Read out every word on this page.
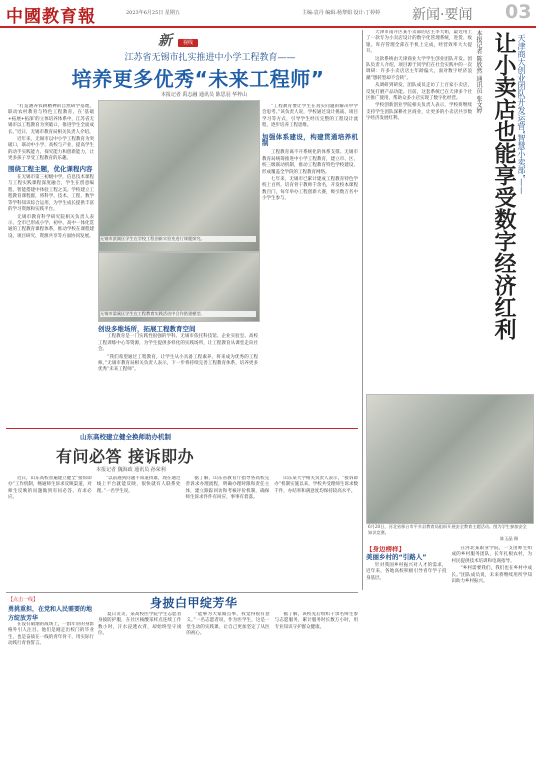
中國教育報	2023年6月25日 星期五	主编:袁丹 编辑:杨黎娟 设计:丁婷婷 新闻·要闻 03
新	视线
江苏省无锡市扎实推进中小学工程教育——
培养更多优秀“未来工程师”
本报记者 禹志融 通讯员 陈思羽 华梓山

“打造涵养农耕精神的自然研学基地，联动农村教育与特色工程教育，在‘基础+拓展+拓深’的立体培养体系中，江苏省无锡市以工程教育为突破口，推进学生全面成长。”近日，无锡市教育局相关负责人介绍。

近年来，无锡市以中小学工程教育为突破口，联动中小学、高校与产业，提高学生的动手实践能力、探究能力和创新能力，让更多孩子享受工程教育的乐趣。

围绕工程主题，优化课程内容

在无锡市第三初级中学，信息技术课程与工程实践课程深度融合，学生在创意编程、智能搭建中体验工程之美。学校建立工程教育课程群，将科学、技术、工程、数学等学科知识综合运用，为学生成长提供丰富的学习资源和实践平台。

无锡市教育科学研究院相关负责人表示，全市已形成小学、初中、高中一体化贯通的工程教育课程体系，推动学校在课程建设、项目研究、资源共享等方面协同发展。 无锡市滨湖区学生在学校工程创新实验室进行课题探究。
无锡市梁溪区学生在工程教育实践活动中合作搭建模型。

“工程教育要让学生在真实问题的解决中学会思考。”该负责人说，学校通过设计挑战、项目学习等方式，引导学生经历完整的工程设计流程，逐步培养工程思维。

加强体系建设，构建贯通培养机制

工程教育离不开系统化的体系支撑。无锡市教育局统筹推进中小学工程教育，建立市、区、校三级联动机制，推动工程教育特色学校建设，形成覆盖全学段的工程教育网络。

七年来，无锡市已累计建成工程教育特色学校上百所，培育骨干教师千余名，开发校本课程数百门，每年举办工程创新大赛，吸引数万名中小学生参与。

创设多维场所，拓展工程教育空间

工程教育是一门实践性很强的学科。无锡市依托科技馆、企业实验室、高校工程训练中心等资源，为学生提供多样化的实践场所，让工程教育从课堂走向社会。

“我们希望通过工程教育，让学生从小具备工程素养，将来成为优秀的工程师。”无锡市教育局相关负责人表示，下一步将持续完善工程教育体系，培养更多优秀“未来工程师”。

天津市南开区某小卖部的店主李大姐，最近用上了一款专为小卖店设计的数字化管理系统，进货、收银、库存管理全部在手机上完成，经营效率大大提升。

这款系统由天津商业大学学生创业团队开发。团队负责人介绍，项目源于同学们在社会实践中的一次调研：许多小卖店店主年龄偏大，面对数字经济浪潮“想转型却不会转”。

从调研到研发，团队成员走访了上百家小卖店，反复打磨产品功能。目前，这套系统已在天津多个社区推广使用，帮助众多小店实现了数字化经营。

学校创新创业学院相关负责人表示，学校将继续支持学生团队深耕社区商业，让更多的小卖店共享数字经济发展红利。

本报记者 陈欣然 通讯员 张文婷 让小卖店也能享受数字经济红利 天津商大创业团队开发运营“智慧小卖部”——
6月20日，河北省邢台市平乡县教育局组织开展安全教育主题活动。图为学生参加安全知识竞赛。
陈玉晶 摄
山东高校建立健全换师助办机制
有问必答 接诉即办
本报记者 魏海政 通讯员 孙荣利

近日，山东高校普遍建立健全“接诉即办”工作机制，畅通师生诉求反映渠道，对师生反映的问题做到有问必答、有求必应。

“以前遇到问题不知道找谁，现在通过线上平台就能反映，很快就有人联系处理。”一名学生说。

据了解，山东省教育厅指导各高校完善诉求办理流程，明确办理时限和责任主体，建立跟踪回访和考核评价机制，确保师生诉求件件有回应、事事有着落。

山东某大学相关负责人表示，“接诉即办”机制实施以来，学校共受理师生诉求数千件，办结率和满意度均保持较高水平。

【身边榜样】
美丽乡村的“引路人”

针对我国乡村振兴对人才的需求，近年来，各地高校积极引导青年学子投身基层。

在河北某职业学院，一支由师生组成的乡村服务团队，长年扎根农村，为村民提供技术培训和电商指导。

“乡村需要我们，我们也在乡村中成长。”团队成员说，未来将继续用所学知识助力乡村振兴。

【点击一线】
勇挑重担，在党和人民需要的地方绽放芳华

在没有硝烟的战场上，一群年轻的身影格外引人注目。他们是刚走出校门的毕业生，也是奋战在一线的青年骨干，用实际行动践行青春誓言。

身披白甲绽芳华

夏日炎炎，某高校医学院学生志愿者身披防护服，在社区核酸采样点连续工作数小时，汗水浸透衣背，却始终坚守岗位。

“能够为大家做点事，我觉得很有意义。”一名志愿者说，作为医学生，这是一堂生动的实践课，让自己更加坚定了从医的初心。

据了解，该校先后组织千余名师生参与志愿服务，累计服务时长数万小时，用专业知识守护群众健康。
